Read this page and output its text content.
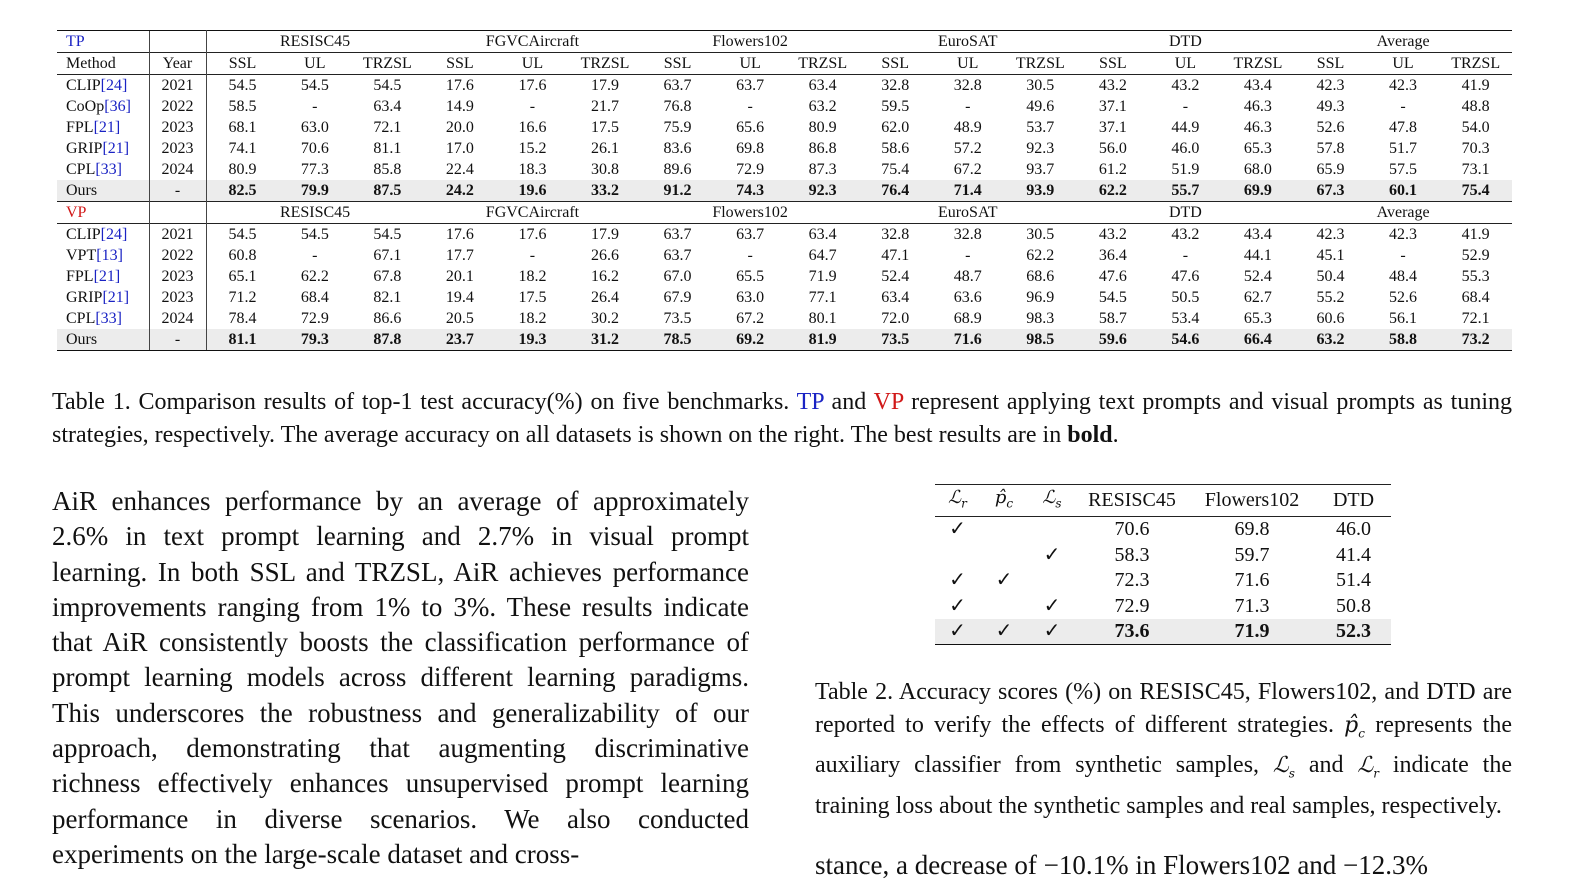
TP		RESISC45			FGVCAircraft			Flowers102			EuroSAT			DTD			Average		
Method	Year	SSL	UL	TRZSL	SSL	UL	TRZSL	SSL	UL	TRZSL	SSL	UL	TRZSL	SSL	UL	TRZSL	SSL	UL	TRZSL
CLIP[24]	2021	54.5	54.5	54.5	17.6	17.6	17.9	63.7	63.7	63.4	32.8	32.8	30.5	43.2	43.2	43.4	42.3	42.3	41.9
CoOp[36]	2022	58.5	-	63.4	14.9	-	21.7	76.8	-	63.2	59.5	-	49.6	37.1	-	46.3	49.3	-	48.8
FPL[21]	2023	68.1	63.0	72.1	20.0	16.6	17.5	75.9	65.6	80.9	62.0	48.9	53.7	37.1	44.9	46.3	52.6	47.8	54.0
GRIP[21]	2023	74.1	70.6	81.1	17.0	15.2	26.1	83.6	69.8	86.8	58.6	57.2	92.3	56.0	46.0	65.3	57.8	51.7	70.3
CPL[33]	2024	80.9	77.3	85.8	22.4	18.3	30.8	89.6	72.9	87.3	75.4	67.2	93.7	61.2	51.9	68.0	65.9	57.5	73.1
Ours	-	82.5	79.9	87.5	24.2	19.6	33.2	91.2	74.3	92.3	76.4	71.4	93.9	62.2	55.7	69.9	67.3	60.1	75.4
VP		RESISC45			FGVCAircraft			Flowers102			EuroSAT			DTD			Average		
CLIP[24]	2021	54.5	54.5	54.5	17.6	17.6	17.9	63.7	63.7	63.4	32.8	32.8	30.5	43.2	43.2	43.4	42.3	42.3	41.9
VPT[13]	2022	60.8	-	67.1	17.7	-	26.6	63.7	-	64.7	47.1	-	62.2	36.4	-	44.1	45.1	-	52.9
FPL[21]	2023	65.1	62.2	67.8	20.1	18.2	16.2	67.0	65.5	71.9	52.4	48.7	68.6	47.6	47.6	52.4	50.4	48.4	55.3
GRIP[21]	2023	71.2	68.4	82.1	19.4	17.5	26.4	67.9	63.0	77.1	63.4	63.6	96.9	54.5	50.5	62.7	55.2	52.6	68.4
CPL[33]	2024	78.4	72.9	86.6	20.5	18.2	30.2	73.5	67.2	80.1	72.0	68.9	98.3	58.7	53.4	65.3	60.6	56.1	72.1
Ours	-	81.1	79.3	87.8	23.7	19.3	31.2	78.5	69.2	81.9	73.5	71.6	98.5	59.6	54.6	66.4	63.2	58.8	73.2

Table 1. Comparison results of top-1 test accuracy(%) on five benchmarks. TP and VP represent applying text prompts and visual prompts as tuning strategies, respectively. The average accuracy on all datasets is shown on the right. The best results are in bold.

AiR enhances performance by an average of approximately 2.6% in text prompt learning and 2.7% in visual prompt learning. In both SSL and TRZSL, AiR achieves performance improvements ranging from 1% to 3%. These results indicate that AiR consistently boosts the classification performance of prompt learning models across different learning paradigms. This underscores the robustness and generalizability of our approach, demonstrating that augmenting discriminative richness effectively enhances unsupervised prompt learning performance in diverse scenarios. We also conducted experiments on the large-scale dataset and cross-

ℒ$_r$	$p̂_c$	ℒ$_s$	RESISC45	Flowers102	DTD
✓			70.6	69.8	46.0
		✓	58.3	59.7	41.4
✓	✓		72.3	71.6	51.4
✓		✓	72.9	71.3	50.8
✓	✓	✓	73.6	71.9	52.3

Table 2. Accuracy scores (%) on RESISC45, Flowers102, and DTD are reported to verify the effects of different strategies. $p̂_c$ represents the auxiliary classifier from synthetic samples, ℒ$_s$ and ℒ$_r$ indicate the training loss about the synthetic samples and real samples, respectively.

stance, a decrease of −10.1% in Flowers102 and −12.3%
